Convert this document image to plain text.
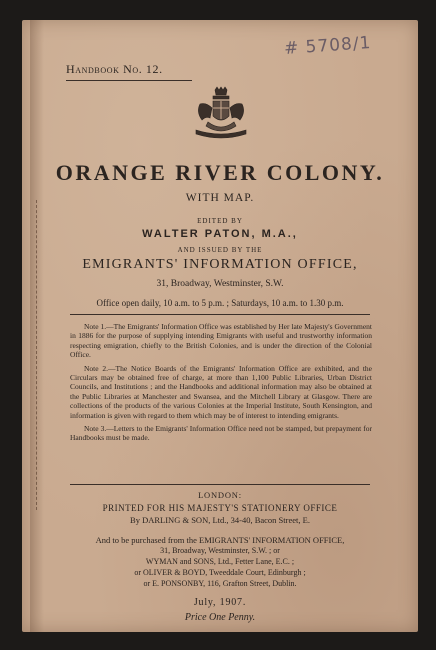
# 5708/1
Handbook No. 12.
ORANGE RIVER COLONY.
WITH MAP.
EDITED BY
WALTER PATON, M.A.,
AND ISSUED BY THE
EMIGRANTS' INFORMATION OFFICE,
31, Broadway, Westminster, S.W.
Office open daily, 10 a.m. to 5 p.m. ; Saturdays, 10 a.m. to 1.30 p.m.

Note 1.—The Emigrants' Information Office was established by Her late Majesty's Government in 1886 for the purpose of supplying intending Emigrants with useful and trustworthy information respecting emigration, chiefly to the British Colonies, and is under the direction of the Colonial Office.

Note 2.—The Notice Boards of the Emigrants' Information Office are exhibited, and the Circulars may be obtained free of charge, at more than 1,100 Public Libraries, Urban District Councils, and Institutions ; and the Handbooks and additional information may also be obtained at the Public Libraries at Manchester and Swansea, and the Mitchell Library at Glasgow. There are collections of the products of the various Colonies at the Imperial Institute, South Kensington, and information is given with regard to them which may be of interest to intending emigrants.

Note 3.—Letters to the Emigrants' Information Office need not be stamped, but prepayment for Handbooks must be made.

LONDON:
PRINTED FOR HIS MAJESTY'S STATIONERY OFFICE
By DARLING & SON, Ltd., 34-40, Bacon Street, E.
And to be purchased from the EMIGRANTS' INFORMATION OFFICE,
31, Broadway, Westminster, S.W. ; or
WYMAN and SONS, Ltd., Fetter Lane, E.C. ;
or OLIVER & BOYD, Tweeddale Court, Edinburgh ;
or E. PONSONBY, 116, Grafton Street, Dublin.
July, 1907.
Price One Penny.
